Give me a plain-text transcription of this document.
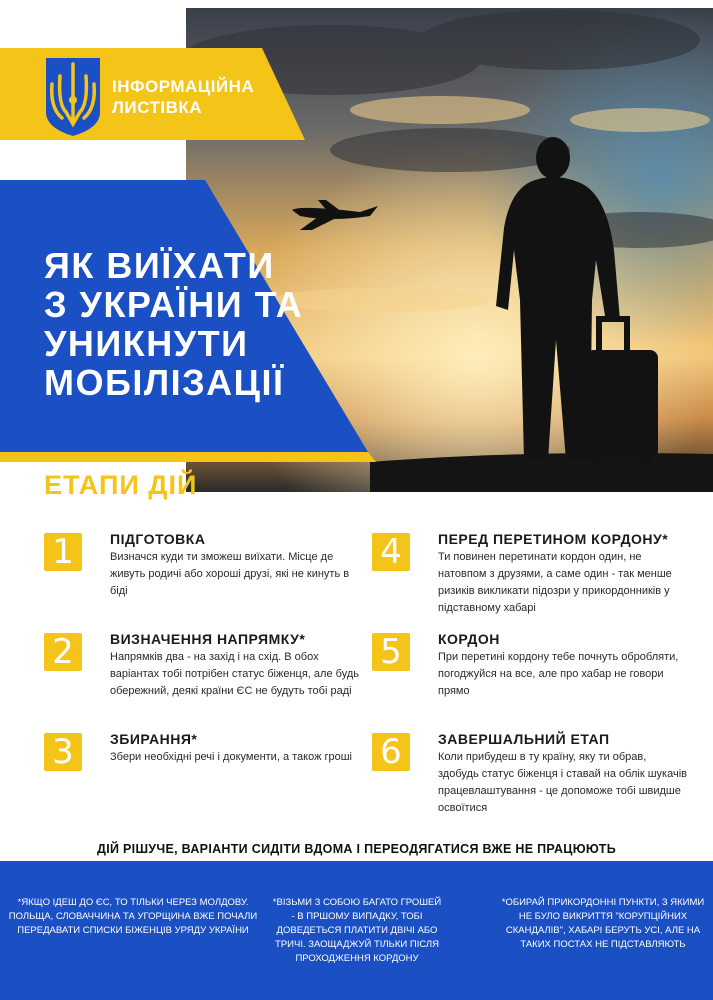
ІНФОРМАЦІЙНА
ЛИСТІВКА
ЯК ВИЇХАТИ
З УКРАЇНИ ТА
УНИКНУТИ
МОБІЛІЗАЦІЇ
ЕТАПИ ДІЙ
1	ПІДГОТОВКА
Визначся куди ти зможеш виїхати. Місце де живуть родичі або хороші друзі, які не кинуть в біді
2	ВИЗНАЧЕННЯ НАПРЯМКУ*
Напрямків два - на захід і на схід. В обох варіантах тобі потрібен статус біженця, але будь обережний, деякі країни ЄС не будуть тобі раді
3	ЗБИРАННЯ*
Збери необхідні речі і документи, а також гроші
4	ПЕРЕД ПЕРЕТИНОМ КОРДОНУ*
Ти повинен перетинати кордон один, не натовпом з друзями, а саме один - так менше ризиків викликати підозри у прикордонників у підставному хабарі
5	КОРДОН
При перетині кордону тебе почнуть обробляти, погоджуйся на все, але про хабар не говори прямо
6	ЗАВЕРШАЛЬНИЙ ЕТАП
Коли прибудеш в ту країну, яку ти обрав, здобудь статус біженця і ставай на облік шукачів працевлаштування - це допоможе тобі швидше освоїтися
ДІЙ РІШУЧЕ, ВАРІАНТИ СИДІТИ ВДОМА І ПЕРЕОДЯГАТИСЯ ВЖЕ НЕ ПРАЦЮЮТЬ
*ЯКЩО ІДЕШ ДО ЄС, ТО ТІЛЬКИ ЧЕРЕЗ МОЛДОВУ. ПОЛЬЩА, СЛОВАЧЧИНА ТА УГОРЩИНА ВЖЕ ПОЧАЛИ ПЕРЕДАВАТИ СПИСКИ БІЖЕНЦІВ УРЯДУ УКРАЇНИ
*ВІЗЬМИ З СОБОЮ БАГАТО ГРОШЕЙ - В ПРШОМУ ВИПАДКУ, ТОБІ ДОВЕДЕТЬСЯ ПЛАТИТИ ДВІЧІ АБО ТРИЧІ. ЗАОЩАДЖУЙ ТІЛЬКИ ПІСЛЯ ПРОХОДЖЕННЯ КОРДОНУ
*ОБИРАЙ ПРИКОРДОННІ ПУНКТИ, З ЯКИМИ НЕ БУЛО ВИКРИТТЯ "КОРУПЦІЙНИХ СКАНДАЛІВ", ХАБАРІ БЕРУТЬ УСІ, АЛЕ НА ТАКИХ ПОСТАХ НЕ ПІДСТАВЛЯЮТЬ
